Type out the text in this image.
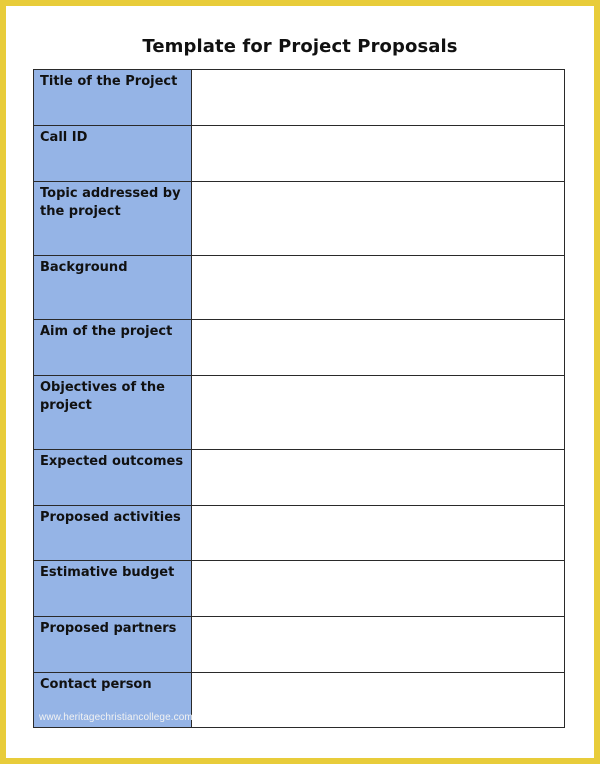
Template for Project Proposals
Title of the Project	

Call ID	

Topic addressed by the project	

Background	

Aim of the project	

Objectives of the project	

Expected outcomes	

Proposed activities	

Estimative budget	

Proposed partners	

Contact person	

www.heritagechristiancollege.com
